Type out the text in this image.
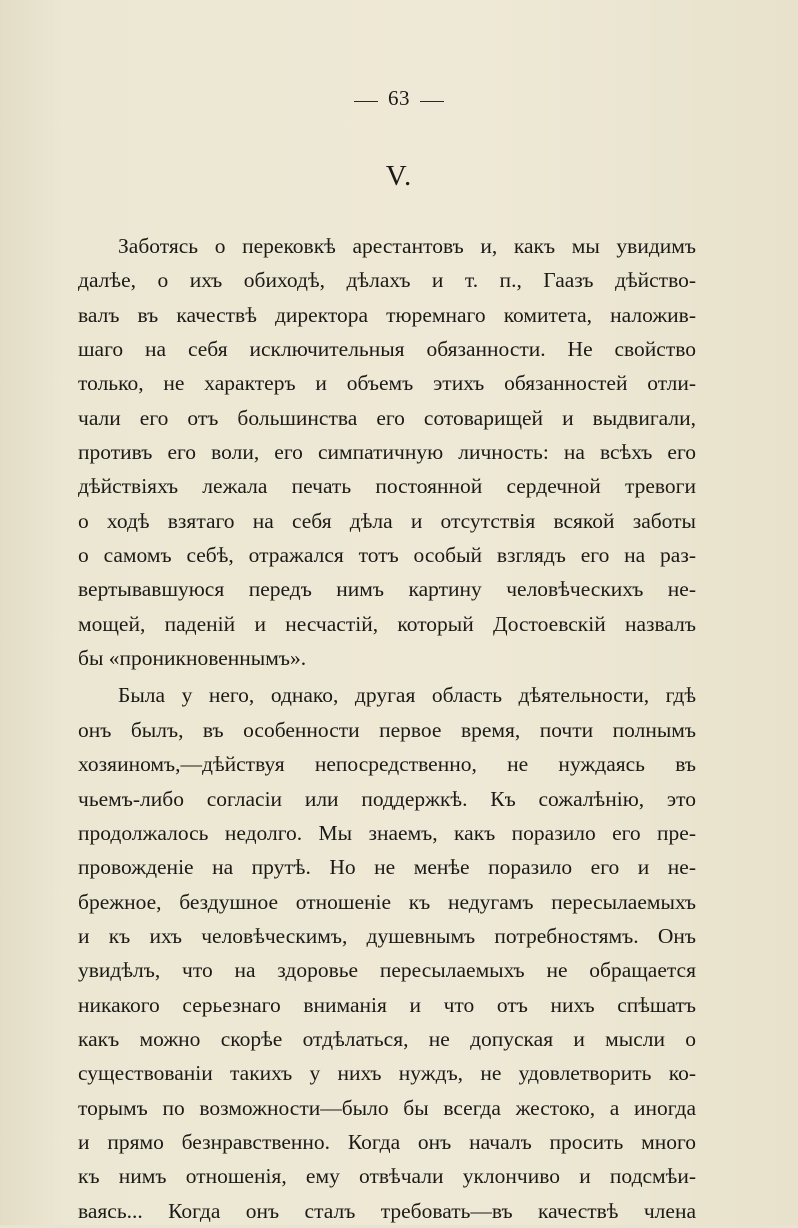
63
V.
Заботясь о перековкѣ арестантовъ и, какъ мы увидимъ
далѣе, о ихъ обиходѣ, дѣлахъ и т. п., Гаазъ дѣйство-
валъ въ качествѣ директора тюремнаго комитета, наложив-
шаго на себя исключительныя обязанности. Не свойство
только, не характеръ и объемъ этихъ обязанностей отли-
чали его отъ большинства его сотоварищей и выдвигали,
противъ его воли, его симпатичную личность: на всѣхъ его
дѣйствіяхъ лежала печать постоянной сердечной тревоги
о ходѣ взятаго на себя дѣла и отсутствія всякой заботы
о самомъ себѣ, отражался тотъ особый взглядъ его на раз-
вертывавшуюся передъ нимъ картину человѣческихъ не-
мощей, паденій и несчастій, который Достоевскій назвалъ
бы «проникновеннымъ».
Была у него, однако, другая область дѣятельности, гдѣ
онъ былъ, въ особенности первое время, почти полнымъ
хозяиномъ,—дѣйствуя непосредственно, не нуждаясь въ
чьемъ-либо согласіи или поддержкѣ. Къ сожалѣнію, это
продолжалось недолго. Мы знаемъ, какъ поразило его пре-
провожденіе на прутѣ. Но не менѣе поразило его и не-
брежное, бездушное отношеніе къ недугамъ пересылаемыхъ
и къ ихъ человѣческимъ, душевнымъ потребностямъ. Онъ
увидѣлъ, что на здоровье пересылаемыхъ не обращается
никакого серьезнаго вниманія и что отъ нихъ спѣшатъ
какъ можно скорѣе отдѣлаться, не допуская и мысли о
существованіи такихъ у нихъ нуждъ, не удовлетворить ко-
торымъ по возможности—было бы всегда жестоко, а иногда
и прямо безнравственно. Когда онъ началъ просить много
къ нимъ отношенія, ему отвѣчали уклончиво и подсмѣи-
ваясь... Когда онъ сталъ требовать—въ качествѣ члена
